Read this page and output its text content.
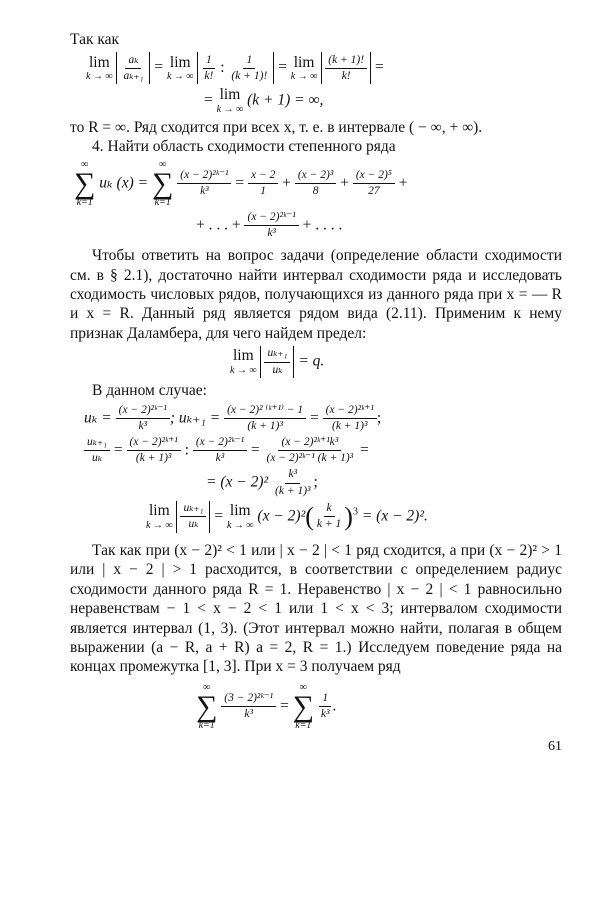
Так как

lim
k → ∞

aₖ
aₖ₊₁ = lim
k → ∞

1
k!
:
1
(k + 1)! = lim
k → ∞

(k + 1)!
k! =
= lim
k → ∞
(k + 1) = ∞,

то R = ∞. Ряд сходится при всех x, т. е. в интервале ( − ∞, + ∞).

4. Найти область сходимости степенного ряда

∞
∑
k=1
uₖ (x) =
∞
∑
k=1

$\frac{\text{(x − 2)²ᵏ⁻¹}}{\text{k³}} = \frac{x - 2}{1} + \frac{\text{(x − 2)³}}{8} + \frac{\text{(x − 2)⁵}}{27}$ +
+ . . . + $\frac{\text{(x − 2)²ᵏ⁻¹}}{\text{k³}}$ + . . . .

Чтобы ответить на вопрос задачи (определение области сходимости см. в § 2.1), достаточно найти интервал сходимости ряда и исследовать сходимость числовых рядов, получающихся из данного ряда при x = — R и x = R. Данный ряд является рядом вида (2.11). Применим к нему признак Даламбера, для чего найдем предел:

lim
k → ∞

uₖ₊₁
uₖ = q.

В данном случае:

$u_k = \frac{\text{(x − 2)²ᵏ⁻¹}}{\text{k³}}$ ; $u_{k+1} = \frac{\text{(x − 2)² ⁽ᵏ⁺¹⁾ − 1}}{\text{(k + 1)³}} = \frac{\text{(x − 2)²ᵏ⁺¹}}{\text{(k + 1)³}}$ ;
$\frac{\text{uₖ₊₁}}{\text{uₖ}} = \frac{\text{(x − 2)²ᵏ⁺¹}}{\text{(k + 1)³}}$ : $\frac{\text{(x − 2)²ᵏ⁻¹}}{\text{k³}} = \frac{\text{(x − 2)²ᵏ⁺¹k³}}{\text{(x − 2)²ᵏ⁻¹ (k + 1)³}}$ =
= $(x - 2)^2 \frac{\text{k³}}{\text{(k + 1)³}}$ ;
lim
k → ∞

uₖ₊₁
uₖ = lim
k → ∞
$(x - 2)^2( \frac{k}{k + 1} )^3 = (x - 2)^2$.

Так как при (x − 2)² < 1 или | x − 2 | < 1 ряд сходится, а при (x − 2)² > 1 или | x − 2 | > 1 расходится, в соответствии с определением радиус сходимости данного ряда R = 1. Неравенство | x − 2 | < 1 равносильно неравенствам − 1 < x − 2 < 1 или 1 < x < 3; интервалом сходимости является интервал (1, 3). (Этот интервал можно найти, полагая в общем выражении (a − R, a + R) a = 2, R = 1.) Исследуем поведение ряда на концах промежутка [1, 3]. При x = 3 получаем ряд

∞
∑
k=1

$\frac{\text{(3 − 2)²ᵏ⁻¹}}{\text{k³}}$ =
∞
∑
k=1

$\frac{1}{\text{k³}}$ .
61
